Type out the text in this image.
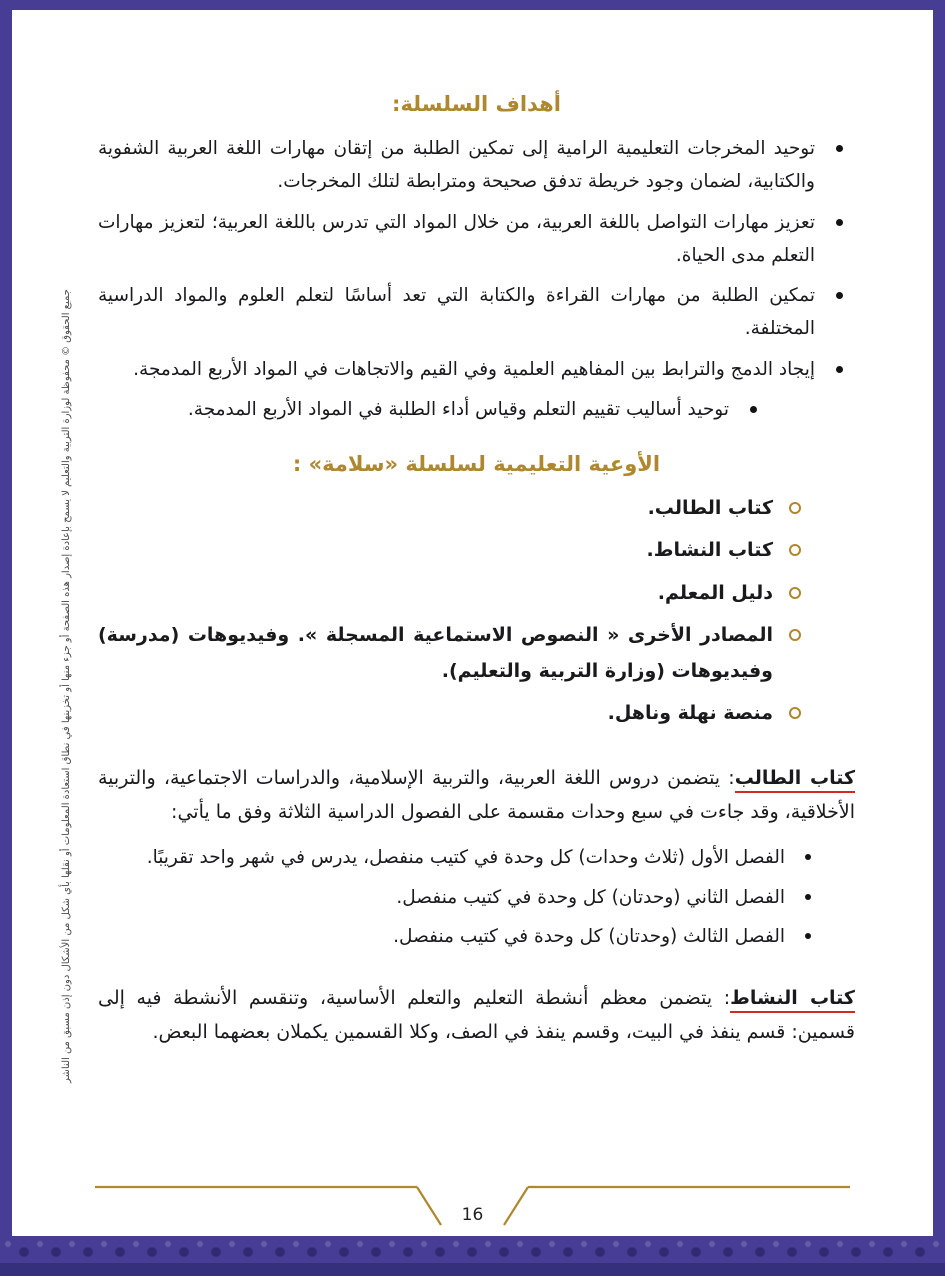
جميع الحقوق © محفوظة لوزارة التربية والتعليم لا يسمح بإعادة إصدار هذه الصفحة أو جزء منها أو تخزينها في نطاق استعادة المعلومات أو نقلها بأي شكل من الأشكال دون إذن مسبق من الناشر
أهداف السلسلة:
توحيد المخرجات التعليمية الرامية إلى تمكين الطلبة من إتقان مهارات اللغة العربية الشفوية والكتابية، لضمان وجود خريطة تدفق صحيحة ومترابطة لتلك المخرجات.
تعزيز مهارات التواصل باللغة العربية، من خلال المواد التي تدرس باللغة العربية؛ لتعزيز مهارات التعلم مدى الحياة.
تمكين الطلبة من مهارات القراءة والكتابة التي تعد أساسًا لتعلم العلوم والمواد الدراسية المختلفة.
إيجاد الدمج والترابط بين المفاهيم العلمية وفي القيم والاتجاهات في المواد الأربع المدمجة.
توحيد أساليب تقييم التعلم وقياس أداء الطلبة في المواد الأربع المدمجة.
الأوعية التعليمية لسلسلة «سلامة» :
كتاب الطالب.
كتاب النشاط.
دليل المعلم.
المصادر الأخرى « النصوص الاستماعية المسجلة ». وفيديوهات (مدرسة) وفيديوهات (وزارة التربية والتعليم).
منصة نهلة وناهل.

كتاب الطالب: يتضمن دروس اللغة العربية، والتربية الإسلامية، والدراسات الاجتماعية، والتربية الأخلاقية، وقد جاءت في سبع وحدات مقسمة على الفصول الدراسية الثلاثة وفق ما يأتي:

الفصل الأول (ثلاث وحدات) كل وحدة في كتيب منفصل، يدرس في شهر واحد تقريبًا.
الفصل الثاني (وحدتان) كل وحدة في كتيب منفصل.
الفصل الثالث (وحدتان) كل وحدة في كتيب منفصل.

كتاب النشاط: يتضمن معظم أنشطة التعليم والتعلم الأساسية، وتنقسم الأنشطة فيه إلى قسمين: قسم ينفذ في البيت، وقسم ينفذ في الصف، وكلا القسمين يكملان بعضهما البعض.

16
